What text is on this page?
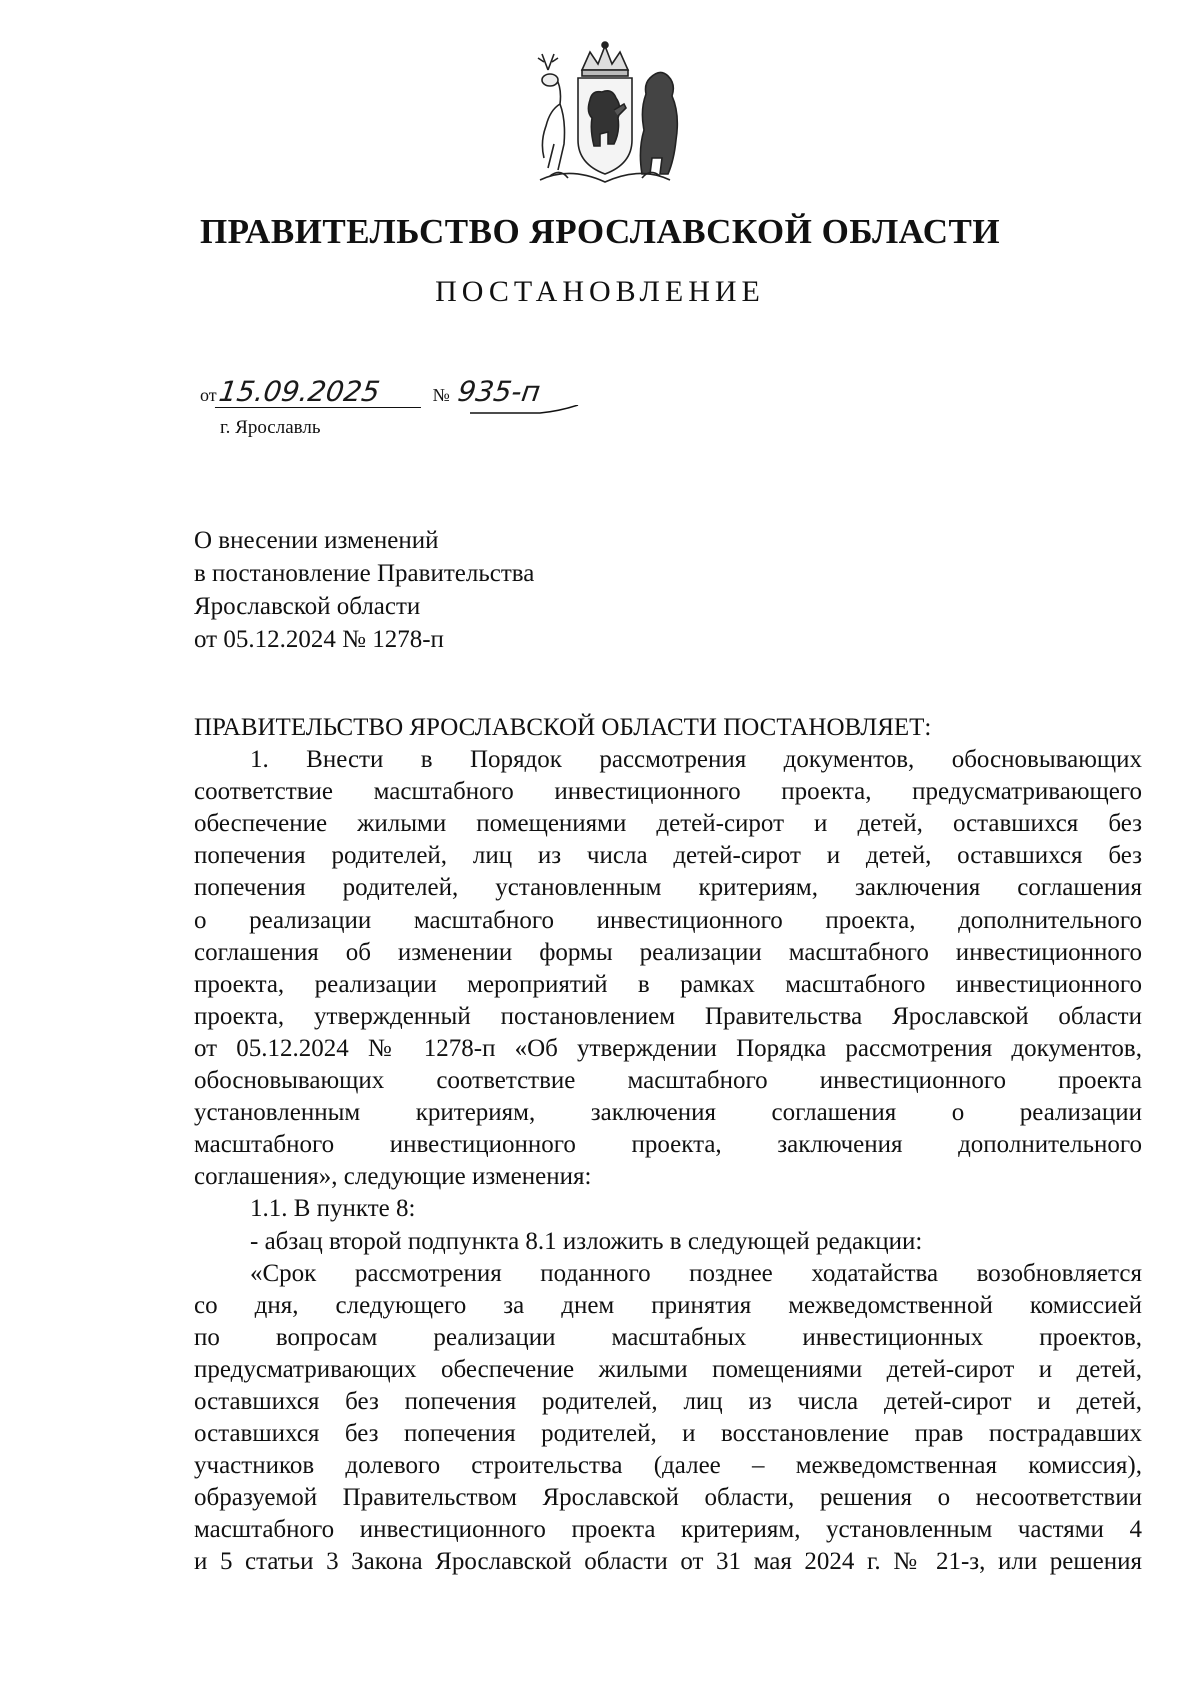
ПРАВИТЕЛЬСТВО ЯРОСЛАВСКОЙ ОБЛАСТИ
ПОСТАНОВЛЕНИЕ
от15.09.2025	№ 935-п
г. Ярославль
О внесении изменений
в постановление Правительства
Ярославской области
от 05.12.2024 № 1278-п
ПРАВИТЕЛЬСТВО ЯРОСЛАВСКОЙ ОБЛАСТИ ПОСТАНОВЛЯЕТ:
1. Внести в Порядок рассмотрения документов, обосновывающих
соответствие масштабного инвестиционного проекта, предусматривающего
обеспечение жилыми помещениями детей-сирот и детей, оставшихся без
попечения родителей, лиц из числа детей-сирот и детей, оставшихся без
попечения родителей, установленным критериям, заключения соглашения
о реализации масштабного инвестиционного проекта, дополнительного
соглашения об изменении формы реализации масштабного инвестиционного
проекта, реализации мероприятий в рамках масштабного инвестиционного
проекта, утвержденный постановлением Правительства Ярославской области
от 05.12.2024 № 1278-п «Об утверждении Порядка рассмотрения документов,
обосновывающих соответствие масштабного инвестиционного проекта
установленным критериям, заключения соглашения о реализации
масштабного инвестиционного проекта, заключения дополнительного
соглашения», следующие изменения:
1.1. В пункте 8:
- абзац второй подпункта 8.1 изложить в следующей редакции:
«Срок рассмотрения поданного позднее ходатайства возобновляется
со дня, следующего за днем принятия межведомственной комиссией
по вопросам реализации масштабных инвестиционных проектов,
предусматривающих обеспечение жилыми помещениями детей-сирот и детей,
оставшихся без попечения родителей, лиц из числа детей-сирот и детей,
оставшихся без попечения родителей, и восстановление прав пострадавших
участников долевого строительства (далее – межведомственная комиссия),
образуемой Правительством Ярославской области, решения о несоответствии
масштабного инвестиционного проекта критериям, установленным частями 4
и 5 статьи 3 Закона Ярославской области от 31 мая 2024 г. № 21-з, или решения
